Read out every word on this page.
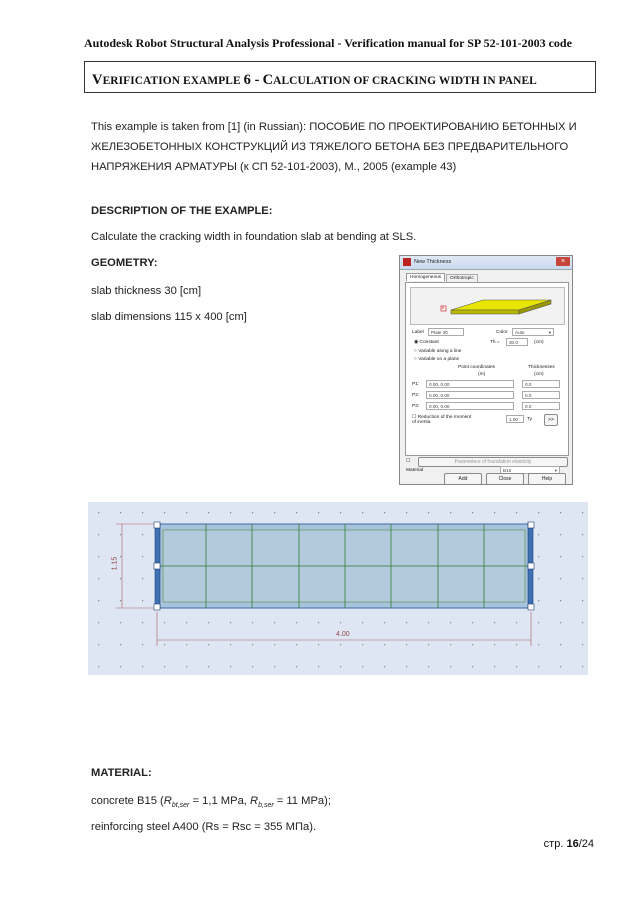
Autodesk Robot Structural Analysis Professional - Verification manual for SP 52-101-2003 code
VERIFICATION EXAMPLE 6 - CALCULATION OF CRACKING WIDTH IN PANEL
This example is taken from [1] (in Russian): ПОСОБИЕ ПО ПРОЕКТИРОВАНИЮ БЕТОННЫХ И
ЖЕЛЕЗОБЕТОННЫХ КОНСТРУКЦИЙ ИЗ ТЯЖЕЛОГО БЕТОНА БЕЗ ПРЕДВАРИТЕЛЬНОГО
НАПРЯЖЕНИЯ АРМАТУРЫ (к СП 52-101-2003), М., 2005 (example 43)
DESCRIPTION OF THE EXAMPLE:
Calculate the cracking width in foundation slab at bending at SLS.
GEOMETRY:
slab thickness 30 [cm]
slab dimensions 115 x 400 [cm]
New Thickness	×
Homogeneous	Orthotropic
h
Label	Plate 30	Color	Auto	▾
◉ Constant	Th =	30.0	(cm)
○ Variable along a line
○ Variable on a plane
Point coordinates
(m)
Thicknesses
(cm)
P1:	0.00, 0.00	0.0
P2:	0.00, 0.00	0.0
P3:	0.00, 0.00	0.0
☐ Reduction of the moment of inertia
1.00	Ty	>>
☐	Parameters of foundation elasticity
Material	B15	▾
Add	Close	Help
1.15
4.00
MATERIAL:
concrete B15 ($R_{bt,ser} = 1,1$ MPa, $R_{b,ser} = 11$ MPa);
reinforcing steel A400 (Rs = Rsc = 355 МПа).
стр. 16/24
